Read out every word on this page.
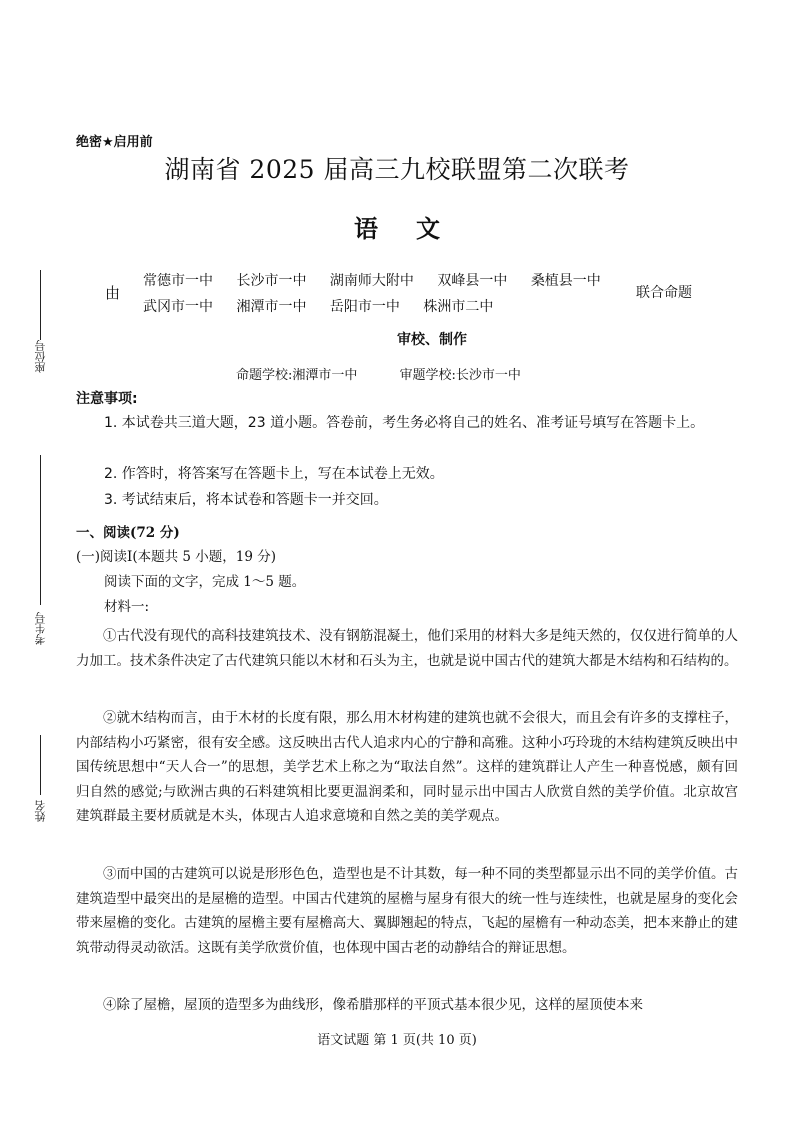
座位号
考生号
姓名
绝密★启用前
湖南省 2025 届高三九校联盟第二次联考
语文
由
常德市一中 长沙市一中 湖南师大附中 双峰县一中 桑植县一中
武冈市一中 湘潭市一中 岳阳市一中 株洲市二中
联合命题
审校、制作
命题学校:湘潭市一中	审题学校:长沙市一中
注意事项:
1. 本试卷共三道大题，23 道小题。答卷前，考生务必将自己的姓名、准考证号填写在答题卡上。
2. 作答时，将答案写在答题卡上，写在本试卷上无效。
3. 考试结束后，将本试卷和答题卡一并交回。
一、阅读(72 分)
(一)阅读Ⅰ(本题共 5 小题，19 分)
阅读下面的文字，完成 1～5 题。
材料一:
①古代没有现代的高科技建筑技术、没有钢筋混凝土，他们采用的材料大多是纯天然的，仅仅进行简单的人力加工。技术条件决定了古代建筑只能以木材和石头为主，也就是说中国古代的建筑大都是木结构和石结构的。
②就木结构而言，由于木材的长度有限，那么用木材构建的建筑也就不会很大，而且会有许多的支撑柱子，内部结构小巧紧密，很有安全感。这反映出古代人追求内心的宁静和高雅。这种小巧玲珑的木结构建筑反映出中国传统思想中“天人合一”的思想，美学艺术上称之为“取法自然”。这样的建筑群让人产生一种喜悦感，颇有回归自然的感觉;与欧洲古典的石料建筑相比要更温润柔和，同时显示出中国古人欣赏自然的美学价值。北京故宫建筑群最主要材质就是木头，体现古人追求意境和自然之美的美学观点。
③而中国的古建筑可以说是形形色色，造型也是不计其数，每一种不同的类型都显示出不同的美学价值。古建筑造型中最突出的是屋檐的造型。中国古代建筑的屋檐与屋身有很大的统一性与连续性，也就是屋身的变化会带来屋檐的变化。古建筑的屋檐主要有屋檐高大、翼脚翘起的特点，飞起的屋檐有一种动态美，把本来静止的建筑带动得灵动欲活。这既有美学欣赏价值，也体现中国古老的动静结合的辩证思想。
④除了屋檐，屋顶的造型多为曲线形，像希腊那样的平顶式基本很少见，这样的屋顶使本来
语文试题 第 1 页(共 10 页)
